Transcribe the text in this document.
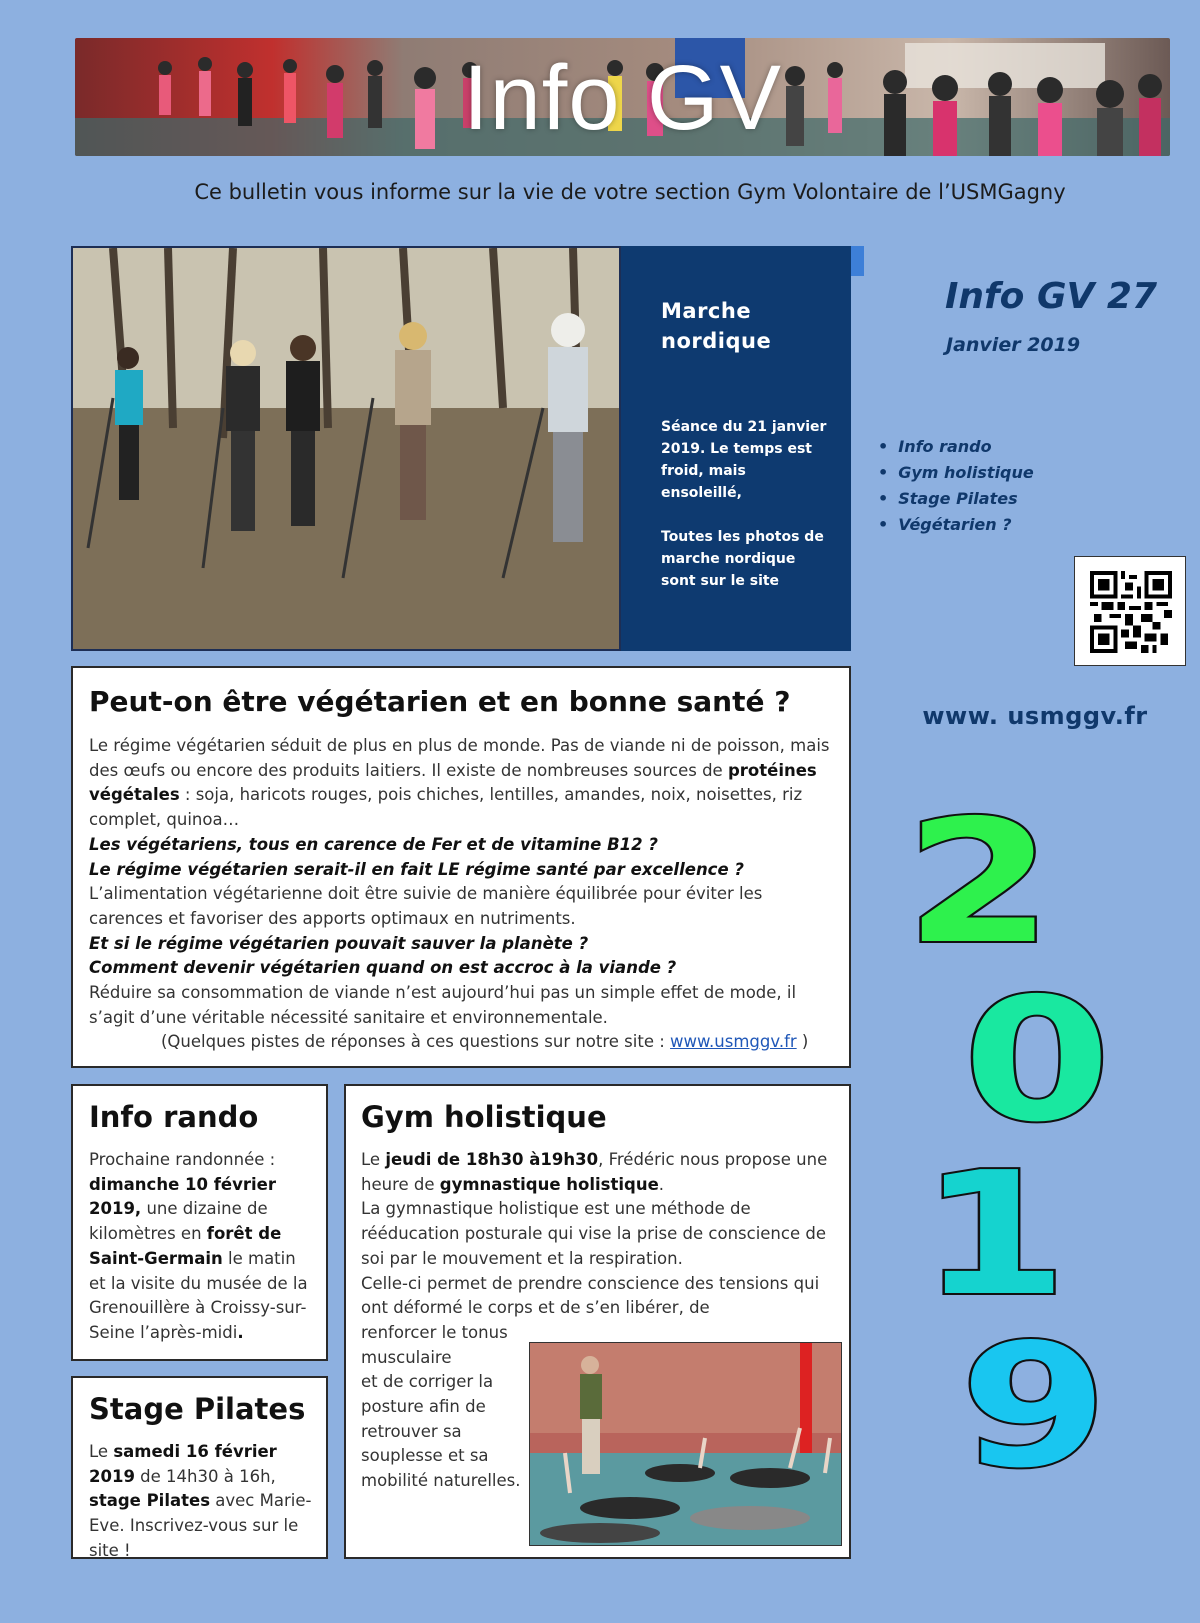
Info GV
Ce bulletin vous informe sur la vie de votre section Gym Volontaire de l’USMGagny
Marche nordique

Séance du 21 janvier 2019. Le temps est froid, mais ensoleillé,

Toutes les photos de marche nordique sont sur le site

Info GV 27
Janvier 2019
• Info rando
• Gym holistique
• Stage Pilates
• Végétarien ?
www. usmggv.fr
2
0
1
9
Peut-on être végétarien et en bonne santé ?

Le régime végétarien séduit de plus en plus de monde. Pas de viande ni de poisson, mais des œufs ou encore des produits laitiers. Il existe de nombreuses sources de protéines végétales : soja, haricots rouges, pois chiches, lentilles, amandes, noix, noisettes, riz complet, quinoa…

Les végétariens, tous en carence de Fer et de vitamine B12 ?

Le régime végétarien serait-il en fait LE régime santé par excellence ?

L’alimentation végétarienne doit être suivie de manière équilibrée pour éviter les carences et favoriser des apports optimaux en nutriments.

Et si le régime végétarien pouvait sauver la planète ?

Comment devenir végétarien quand on est accroc à la viande ?

Réduire sa consommation de viande n’est aujourd’hui pas un simple effet de mode, il s’agit d’une véritable nécessité sanitaire et environnementale.

(Quelques pistes de réponses à ces questions sur notre site : www.usmggv.fr )

Info rando

Prochaine randonnée : dimanche 10 février 2019, une dizaine de kilomètres en forêt de Saint-Germain le matin et la visite du musée de la Grenouillère à Croissy-sur-Seine l’après-midi.

Stage Pilates

Le samedi 16 février 2019 de 14h30 à 16h, stage Pilates avec Marie-Eve. Inscrivez-vous sur le site !

Gym holistique

Le jeudi de 18h30 à19h30, Frédéric nous propose une heure de gymnastique holistique.

La gymnastique holistique est une méthode de rééducation posturale qui vise la prise de conscience de soi par le mouvement et la respiration.

Celle-ci permet de prendre conscience des tensions qui ont déformé le corps et de s’en libérer, de

renforcer le tonus musculaire

et de corriger la posture afin de retrouver sa souplesse et sa mobilité naturelles.
